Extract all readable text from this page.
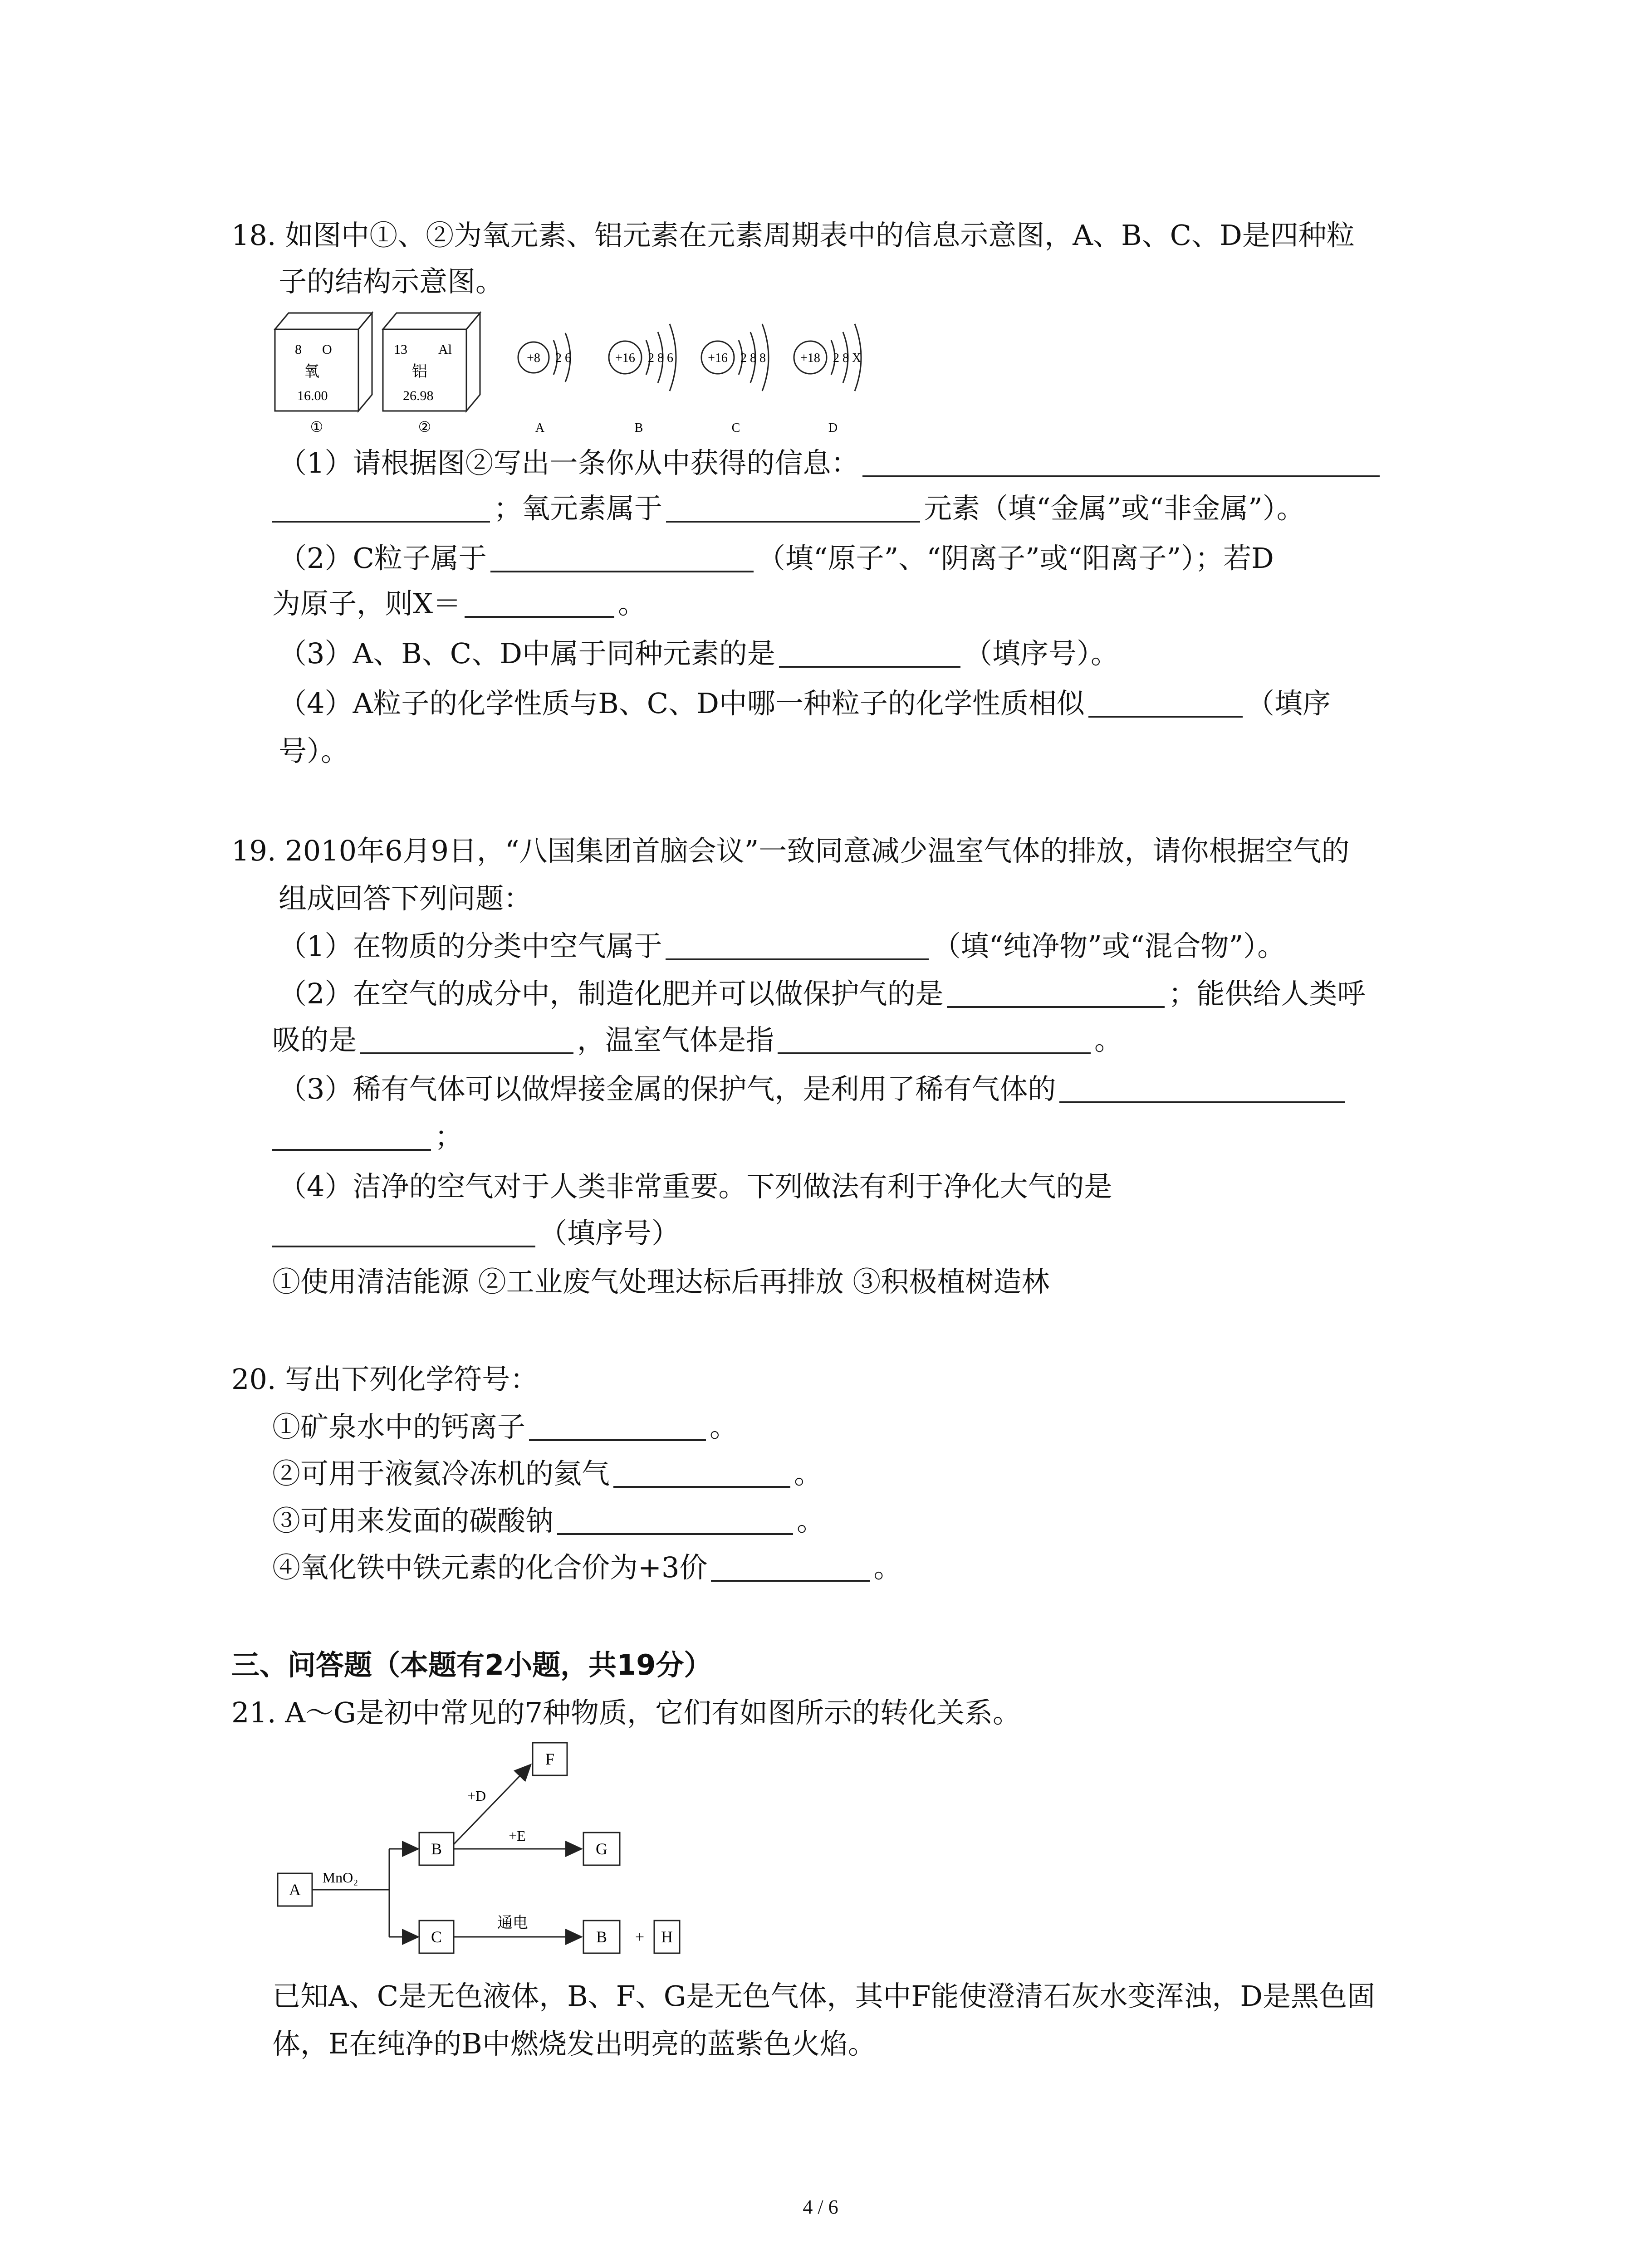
18. 如图中①、②为氧元素、铝元素在元素周期表中的信息示意图，A、B、C、D是四种粒
子的结构示意图。
8 O
氧
16.00
①
13 Al
铝
26.98
②
+8 2 6
A
+16 2 8 6
B
+16 2 8 8
C
+18 2 8 X
D
（1）请根据图②写出一条你从中获得的信息：
；氧元素属于	元素（填“金属”或“非金属”）。
（2）C粒子属于	（填“原子”、“阴离子”或“阳离子”）；若D
为原子，则X＝	。
（3）A、B、C、D中属于同种元素的是	（填序号）。
（4）A粒子的化学性质与B、C、D中哪一种粒子的化学性质相似	（填序
号）。
19. 2010年6月9日，“八国集团首脑会议”一致同意减少温室气体的排放，请你根据空气的
组成回答下列问题：
（1）在物质的分类中空气属于	（填“纯净物”或“混合物”）。
（2）在空气的成分中，制造化肥并可以做保护气的是	；能供给人类呼
吸的是	，温室气体是指	。
（3）稀有气体可以做焊接金属的保护气，是利用了稀有气体的
；
（4）洁净的空气对于人类非常重要。下列做法有利于净化大气的是
（填序号）
①使用清洁能源 ②工业废气处理达标后再排放 ③积极植树造林
20. 写出下列化学符号：
①矿泉水中的钙离子	。
②可用于液氦冷冻机的氦气	。
③可用来发面的碳酸钠	。
④氧化铁中铁元素的化合价为+3价	。
三、问答题（本题有2小题，共19分）
21. A～G是初中常见的7种物质，它们有如图所示的转化关系。
A
MnO₂
B
C
+D
F
+E
G
通电
B + H
已知A、C是无色液体，B、F、G是无色气体，其中F能使澄清石灰水变浑浊，D是黑色固
体，E在纯净的B中燃烧发出明亮的蓝紫色火焰。
4 / 6
